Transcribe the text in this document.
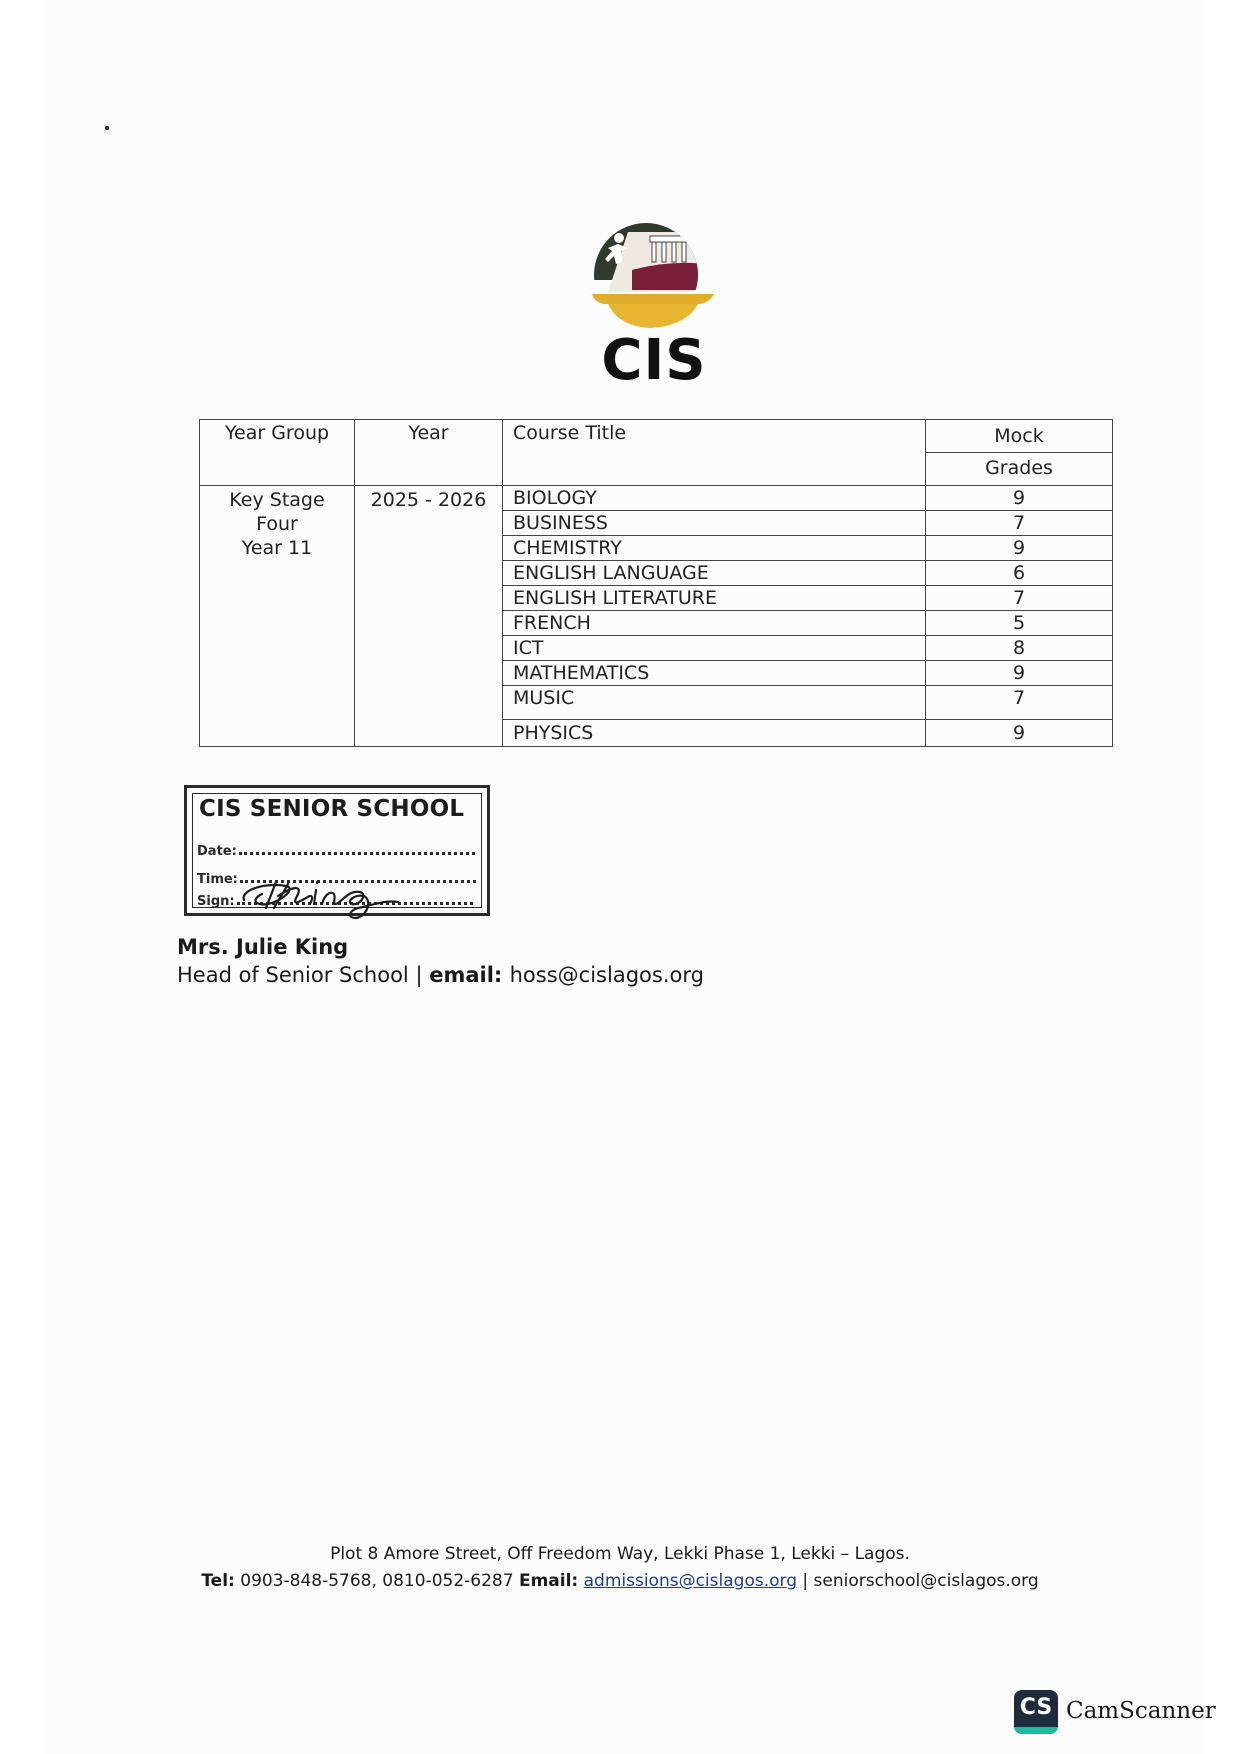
CIS
Year Group	Year	Course Title	Mock

			Grades

Key Stage
Four
Year 11	2025 - 2026	BIOLOGY	9
		BUSINESS	7
		CHEMISTRY	9
		ENGLISH LANGUAGE	6
		ENGLISH LITERATURE	7
		FRENCH	5
		ICT	8
		MATHEMATICS	9
		MUSIC	7
		PHYSICS	9
CIS SENIOR SCHOOL
Date:
Time:
Sign:
Mrs. Julie King
Head of Senior School | email: hoss@cislagos.org
Plot 8 Amore Street, Off Freedom Way, Lekki Phase 1, Lekki – Lagos.
Tel: 0903-848-5768, 0810-052-6287 Email: admissions@cislagos.org | seniorschool@cislagos.org
CS CamScanner
